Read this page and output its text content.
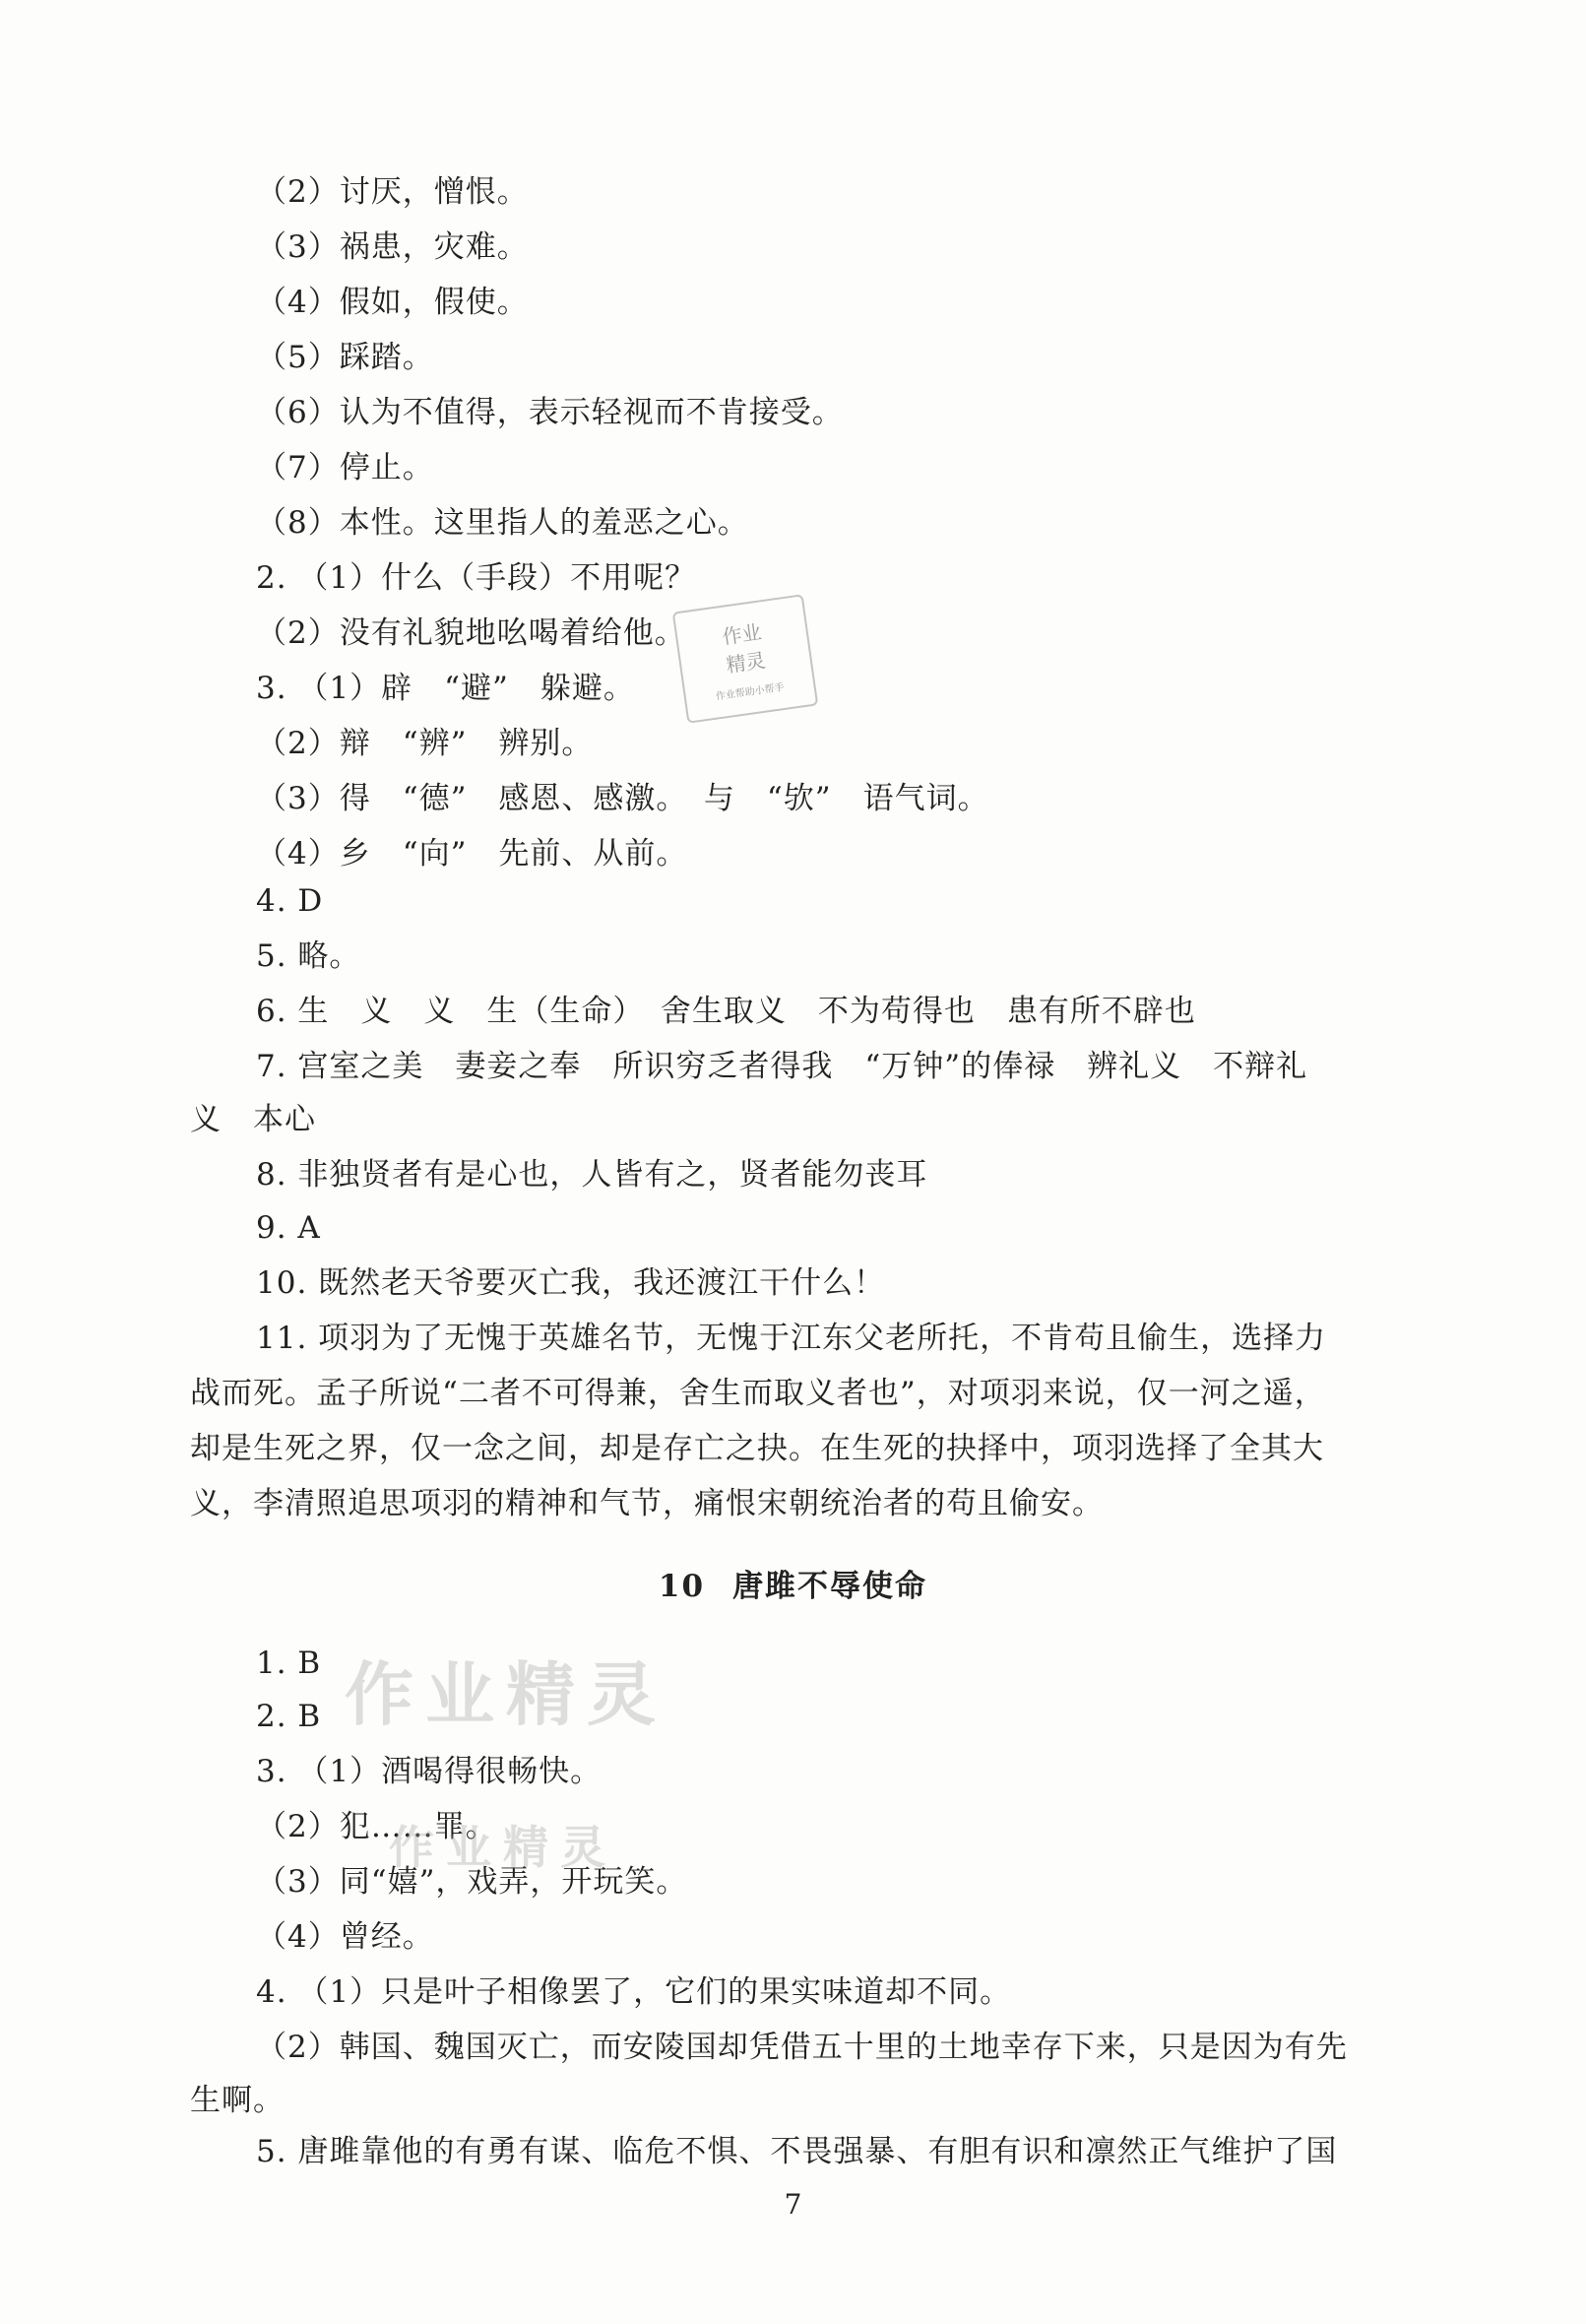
（2）讨厌，憎恨。
（3）祸患，灾难。
（4）假如，假使。
（5）踩踏。
（6）认为不值得，表示轻视而不肯接受。
（7）停止。
（8）本性。这里指人的羞恶之心。
2. （1）什么（手段）不用呢？
（2）没有礼貌地吆喝着给他。
3. （1）辟　“避”　躲避。
（2）辩　“辨”　辨别。
（3）得　“德”　感恩、感激。　与　“欤”　语气词。
（4）乡　“向”　先前、从前。
4. D
5. 略。
6. 生　义　义　生（生命）　舍生取义　不为苟得也　患有所不辟也
7. 宫室之美　妻妾之奉　所识穷乏者得我　“万钟”的俸禄　辨礼义　不辩礼
义　本心
8. 非独贤者有是心也，人皆有之，贤者能勿丧耳
9. A
10. 既然老天爷要灭亡我，我还渡江干什么！
11. 项羽为了无愧于英雄名节，无愧于江东父老所托，不肯苟且偷生，选择力
战而死。孟子所说“二者不可得兼，舍生而取义者也”，对项羽来说，仅一河之遥，
却是生死之界，仅一念之间，却是存亡之抉。在生死的抉择中，项羽选择了全其大
义，李清照追思项羽的精神和气节，痛恨宋朝统治者的苟且偷安。
10 唐雎不辱使命
1. B
2. B
3. （1）酒喝得很畅快。
（2）犯……罪。
（3）同“嬉”，戏弄，开玩笑。
（4）曾经。
4. （1）只是叶子相像罢了，它们的果实味道却不同。
（2）韩国、魏国灭亡，而安陵国却凭借五十里的土地幸存下来，只是因为有先
生啊。
5. 唐雎靠他的有勇有谋、临危不惧、不畏强暴、有胆有识和凛然正气维护了国
7
作业精灵
作业精灵
作业
精灵
作业帮助小帮手
